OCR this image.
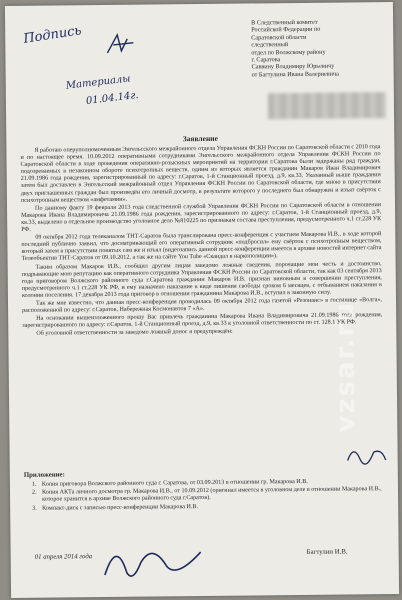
Подпись
Материалы
01.04.14г.
В Следственный комитет
Российской Федерации по
Саратовской области
следственный
отдел по Волжскому району
г. Саратова
Саввину Владимиру Юрьевичу
от Багтулина Ивана Валериевича
Заявление

Я работаю оперуполномоченным Энгельсского межрайонного отдела Управления ФСКН России по Саратовской области с 2010 года и по настоящее время. 10.09.2012 оперативными сотрудниками Энгельсского межрайонного отдела Управления ФСКН России по Саратовской области в ходе проведения оперативно-розыскных мероприятий на территории г.Саратова были задержаны ряд граждан, подозреваемых в незаконном обороте психотропных веществ, одним из которых является гражданин Макаров Иван Владимирович 21.09.1986 года рождения, зарегистрированный по адресу: г.Саратов, 1-й Станционный проезд, д.9, кв.33. Указанный выше гражданин затем был доставлен в Энгельсский межрайонный отдел Управления ФСКН России по Саратовской области, где мною в присутствии двух приглашенных граждан был произведён его личный досмотр, в результате которого у последнего был обнаружен и изъят свёрток с психотропным веществом «амфетамин».

По данному факту 19 февраля 2013 года следственной службой Управления ФСКН России по Саратовской области в отношении Макарова Ивана Владимировича 21.09.1986 года рождения, зарегистрированного по адресу: г.Саратов, 1-й Станционный проезд, д.9, кв.33, выделено в отдельное производство уголовное дело №810225 по признакам состава преступления, предусмотренного ч.1 ст.228 УК РФ.

09 октября 2012 года телеканалом ТНТ-Саратов была транслирована пресс-конференция с участием Макарова И.В., в ходе которой последний публично заявил, что досматривающий его оперативный сотрудник «подбросил» ему свёрток с психотропным веществом, который затем в присутствии понятых сам же и изъял (видеозапись данной пресс-конференции имеется в архиве новостей интернет сайта Телеобъектив ТНТ-Саратов от 09.10.2012, а так же на сайте You Tube «Скандал в наркополиции»).

Таким образом Макаров И.В., сообщил другим лицам заведомо ложные сведения, порочащие мои честь и достоинство, подрывающие мою репутацию как оперативного сотрудника Управления ФСКН России по Саратовской области, так как 03 сентября 2013 года приговором Волжского районного суда г.Саратова гражданин Макаров И.В. признан виновным в совершении преступления, предусмотренного ч.1 ст.228 УК РФ, и ему назначено наказание в виде лишения свободы сроком 6 месяцев, с отбыванием наказания в колонии поселения. 17 декабря 2013 года приговор в отношении гражданина Макарова И.В., вступил в законную силу.

Так же мне известно, что данная пресс-конференция проводилась 09 октября 2012 года газетой «Резонанс» в гостинице «Волга», расположенной по адресу: г.Саратов, Набережная Космонавтов 7 «А».

На основании вышеизложенного прошу Вас привлечь гражданина Макарова Ивана Владимировича 21.09.1986 года рождения, зарегистрированного по адресу: г.Саратов, 1-й Станционный проезд, д.9, кв.33 к уголовной ответственности по ст. 128.1 УК РФ.

Об уголовной ответственности за заведомо ложный донос я предупреждён:

Приложение:
1. Копия приговора Волжского районного суда г. Саратова, от 03.09.2013 в отношении гр. Макарова И.В.
2. Копия АКТа личного досмотра гр. Макарова И.В., от 10.09.2012 (оригинал имеется в уголовном деле в отношении Макарова И.В., которое хранится в архиве Волжского районного суда г.Саратов).
3. Компакт-диск с записью пресс-конференции Макарова И.В.
01 апреля 2014 года
Багтулин И.В.
vzsar.ru
